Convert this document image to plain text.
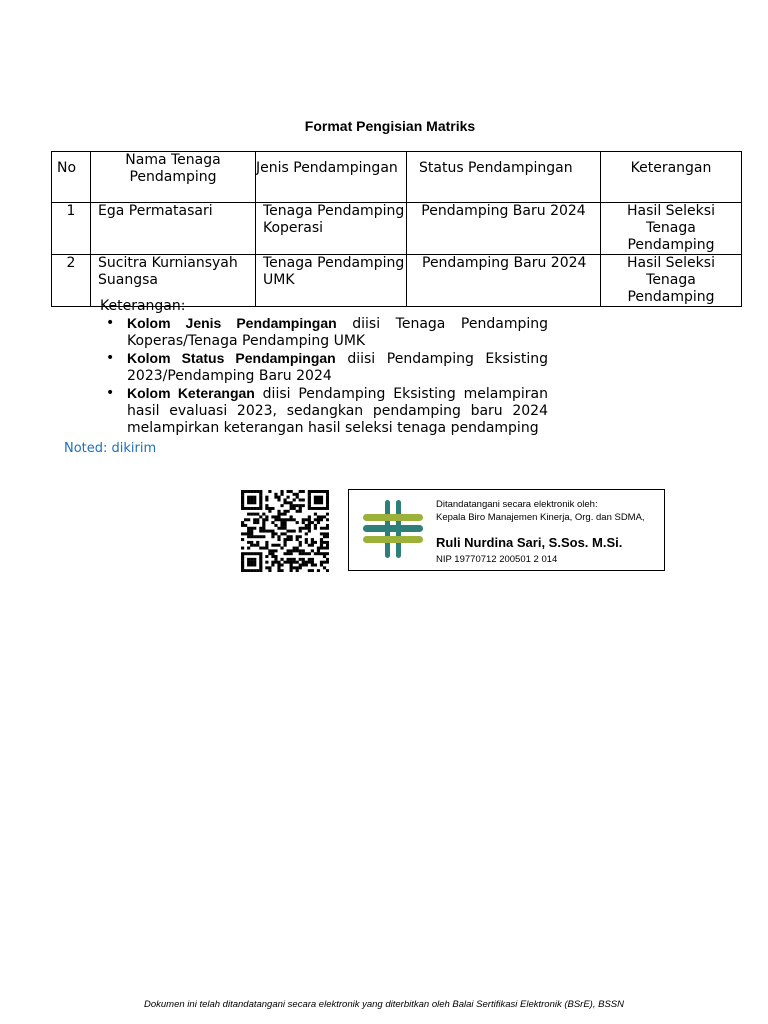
Format Pengisian Matriks
No	Nama Tenaga Pendamping	Jenis Pendampingan	Status Pendampingan	Keterangan
1	Ega Permatasari	Tenaga Pendamping Koperasi	Pendamping Baru 2024	Hasil Seleksi Tenaga Pendamping
2	Sucitra Kurniansyah Suangsa	Tenaga Pendamping UMK	Pendamping Baru 2024	Hasil Seleksi Tenaga Pendamping
Keterangan:
• Kolom Jenis Pendampingan diisi Tenaga Pendamping Koperas/Tenaga Pendamping UMK
• Kolom Status Pendampingan diisi Pendamping Eksisting 2023/Pendamping Baru 2024
• Kolom Keterangan diisi Pendamping Eksisting melampiran hasil evaluasi 2023, sedangkan pendamping baru 2024 melampirkan keterangan hasil seleksi tenaga pendamping
Noted: dikirim
Ditandatangani secara elektronik oleh:
Kepala Biro Manajemen Kinerja, Org. dan SDMA,
Ruli Nurdina Sari, S.Sos. M.Si.
NIP 19770712 200501 2 014
Dokumen ini telah ditandatangani secara elektronik yang diterbitkan oleh Balai Sertifikasi Elektronik (BSrE), BSSN
